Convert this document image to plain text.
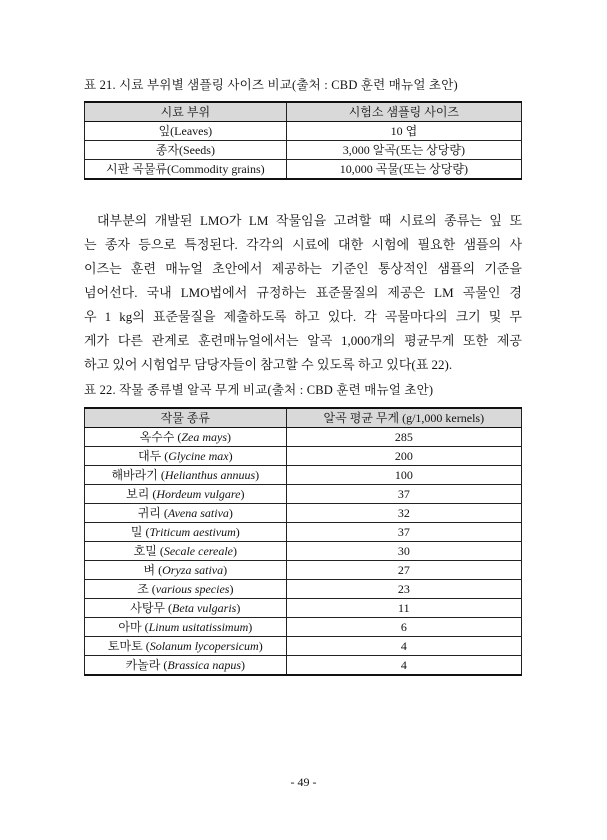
표 21. 시료 부위별 샘플링 사이즈 비교(출처 : CBD 훈련 매뉴얼 초안)
시료 부위	시험소 샘플링 사이즈
잎(Leaves)	10 엽
종자(Seeds)	3,000 알곡(또는 상당량)
시판 곡물류(Commodity grains)	10,000 곡물(또는 상당량)
대부분의 개발된 LMO가 LM 작물임을 고려할 때 시료의 종류는 잎 또
는 종자 등으로 특정된다. 각각의 시료에 대한 시험에 필요한 샘플의 사
이즈는 훈련 매뉴얼 초안에서 제공하는 기준인 통상적인 샘플의 기준을
넘어선다. 국내 LMO법에서 규정하는 표준물질의 제공은 LM 곡물인 경
우 1 kg의 표준물질을 제출하도록 하고 있다. 각 곡물마다의 크기 및 무
게가 다른 관계로 훈련매뉴얼에서는 알곡 1,000개의 평균무게 또한 제공
하고 있어 시험업무 담당자들이 참고할 수 있도록 하고 있다(표 22).
표 22. 작물 종류별 알곡 무게 비교(출처 : CBD 훈련 매뉴얼 초안)
작물 종류	알곡 평균 무게 (g/1,000 kernels)
옥수수 (Zea mays)	285
대두 (Glycine max)	200
해바라기 (Helianthus annuus)	100
보리 (Hordeum vulgare)	37
귀리 (Avena sativa)	32
밀 (Triticum aestivum)	37
호밀 (Secale cereale)	30
벼 (Oryza sativa)	27
조 (various species)	23
사탕무 (Beta vulgaris)	11
아마 (Linum usitatissimum)	6
토마토 (Solanum lycopersicum)	4
카놀라 (Brassica napus)	4
- 49 -
